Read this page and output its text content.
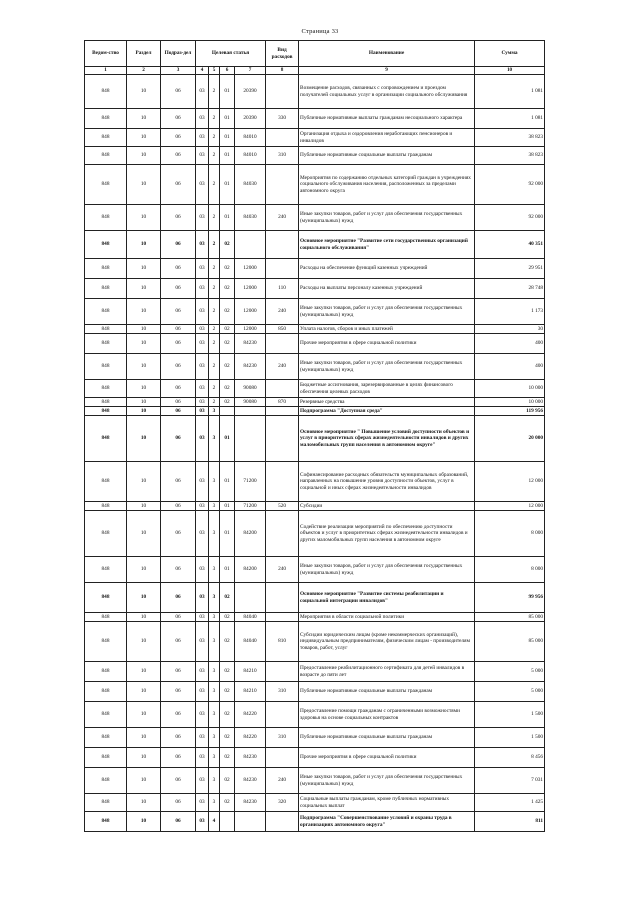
Страница 33
Ведом-ство	Раздел	Подраз-дел	Целевая статья				Вид расходов	Наименование	Сумма
1	2	3	4	5	6	7	8	9	10
848	10	06	03	2	01	20390		Возмещение расходов, связанных с сопровождением и проездом получателей социальных услуг в организации социального обслуживания	1 081
848	10	06	03	2	01	20390	330	Публичные нормативные выплаты гражданам несоциального характера	1 081
848	10	06	03	2	01	84010		Организация отдыха и оздоровления неработающих пенсионеров и инвалидов	38 823
848	10	06	03	2	01	84010	310	Публичные нормативные социальные выплаты гражданам	38 823
848	10	06	03	2	01	84030		Мероприятия по содержанию отдельных категорий граждан в учреждениях социального обслуживания населения, расположенных за пределами автономного округа	92 000
848	10	06	03	2	01	84030	240	Иные закупки товаров, работ и услуг для обеспечения государственных (муниципальных) нужд	92 000
848	10	06	03	2	02			Основное мероприятие "Развитие сети государственных организаций социального обслуживания"	40 351
848	10	06	03	2	02	12000		Расходы на обеспечение функций казенных учреждений	29 951
848	10	06	03	2	02	12000	110	Расходы на выплаты персоналу казенных учреждений	28 748
848	10	06	03	2	02	12000	240	Иные закупки товаров, работ и услуг для обеспечения государственных (муниципальных) нужд	1 173
848	10	06	03	2	02	12000	850	Уплата налогов, сборов и иных платежей	30
848	10	06	03	2	02	84230		Прочие мероприятия в сфере социальной политики	400
848	10	06	03	2	02	84230	240	Иные закупки товаров, работ и услуг для обеспечения государственных (муниципальных) нужд	400
848	10	06	03	2	02	90080		Бюджетные ассигнования, зарезервированные в целях финансового обеспечения целевых расходов	10 000
848	10	06	03	2	02	90080	870	Резервные средства	10 000
848	10	06	03	3				Подпрограмма "Доступная среда"	119 956
848	10	06	03	3	01			Основное мероприятие " Повышение условий доступности объектов и услуг в приоритетных сферах жизнедеятельности инвалидов и других маломобильных групп населения в автономном округе"	20 000
848	10	06	03	3	01	71200		Софинансирование расходных обязательств муниципальных образований, направленных на повышение уровня доступности объектов, услуг в социальной и иных сферах жизнедеятельности инвалидов	12 000
848	10	06	03	3	01	71200	520	Субсидии	12 000
848	10	06	03	3	01	84200		Содействие реализации мероприятий по обеспечению доступности объектов и услуг в приоритетных сферах жизнедеятельности инвалидов и других маломобильных групп населения в автономном округе	8 000
848	10	06	03	3	01	84200	240	Иные закупки товаров, работ и услуг для обеспечения государственных (муниципальных) нужд	8 000
848	10	06	03	3	02			Основное мероприятие "Развитие системы реабилитации и социальной интеграции инвалидов"	99 956
848	10	06	03	3	02	84040		Мероприятия в области социальной политики	85 000
848	10	06	03	3	02	84040	810	Субсидии юридическим лицам (кроме некоммерческих организаций), индивидуальным предпринимателям, физическим лицам - производителям товаров, работ, услуг	85 000
848	10	06	03	3	02	84210		Предоставление реабилитационного сертификата для детей инвалидов в возрасте до пяти лет	5 000
848	10	06	03	3	02	84210	310	Публичные нормативные социальные выплаты гражданам	5 000
848	10	06	03	3	02	84220		Предоставление помощи гражданам с ограниченными возможностями здоровья на основе социальных контрактов	1 500
848	10	06	03	3	02	84220	310	Публичные нормативные социальные выплаты гражданам	1 500
848	10	06	03	3	02	84230		Прочие мероприятия в сфере социальной политики	8 456
848	10	06	03	3	02	84230	240	Иные закупки товаров, работ и услуг для обеспечения государственных (муниципальных) нужд	7 031
848	10	06	03	3	02	84230	320	Социальные выплаты гражданам, кроме публичных нормативных социальных выплат	1 425
848	10	06	03	4				Подпрограмма "Совершенствование условий и охраны труда в организациях автономного округа"	811
